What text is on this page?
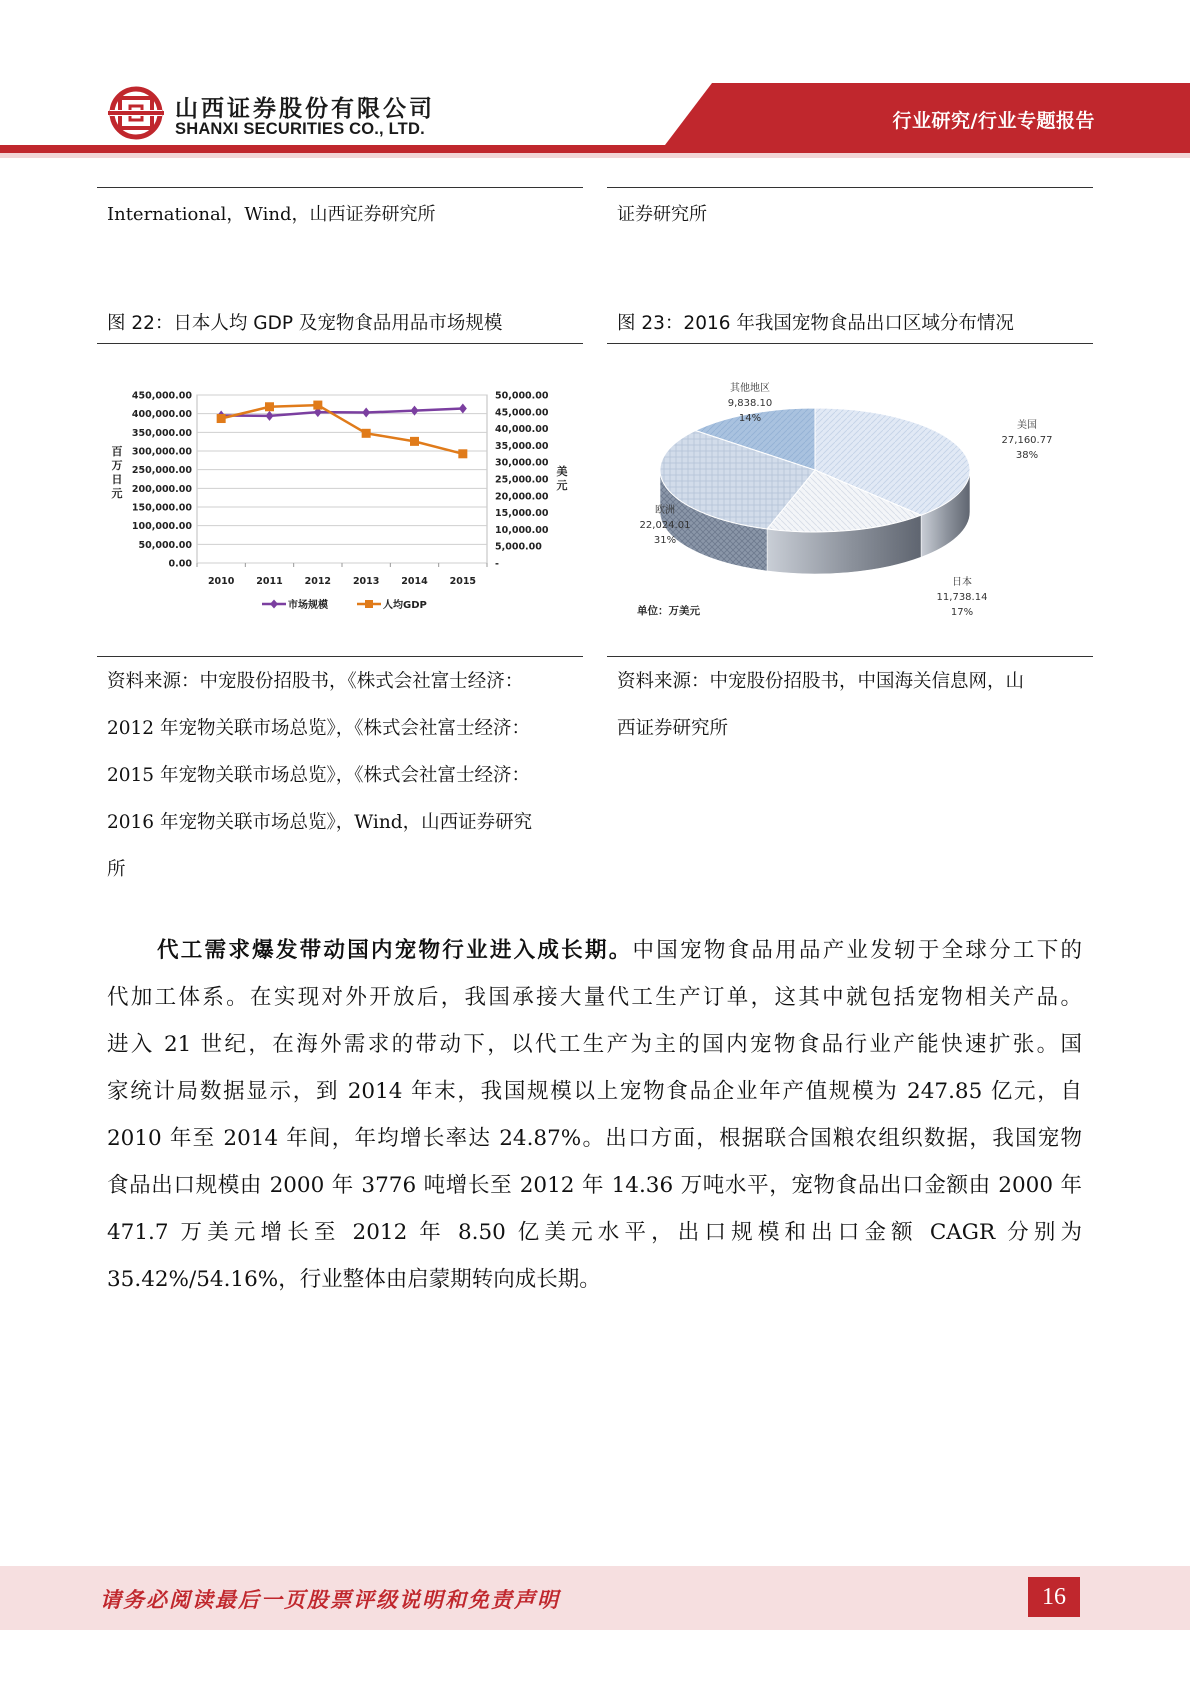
山西证券股份有限公司
SHANXI SECURITIES CO., LTD.	行业研究/行业专题报告
International，Wind，山西证券研究所
图 22：日本人均 GDP 及宠物食品用品市场规模
450,000.00
400,000.00
350,000.00
300,000.00
250,000.00
200,000.00
150,000.00
100,000.00
50,000.00
0.00
50,000.00
45,000.00
40,000.00
35,000.00
30,000.00
25,000.00
20,000.00
15,000.00
10,000.00
5,000.00
-
2010 2011 2012 2013 2014 2015
百
万
日
元
美
元
市场规模	人均GDP
资料来源：中宠股份招股书，《株式会社富士经济：
2012 年宠物关联市场总览》，《株式会社富士经济：
2015 年宠物关联市场总览》，《株式会社富士经济：
2016 年宠物关联市场总览》，Wind，山西证券研究
所
证券研究所
图 23：2016 年我国宠物食品出口区域分布情况
美国
27,160.77
38%
日本
11,738.14
17%
欧洲
22,024.01
31%
其他地区
9,838.10
14%
单位：万美元
资料来源：中宠股份招股书，中国海关信息网，山
西证券研究所
代工需求爆发带动国内宠物行业进入成长期。中国宠物食品用品产业发轫于全球分工下的
代加工体系。在实现对外开放后，我国承接大量代工生产订单，这其中就包括宠物相关产品。
进入 21 世纪，在海外需求的带动下，以代工生产为主的国内宠物食品行业产能快速扩张。国
家统计局数据显示，到 2014 年末，我国规模以上宠物食品企业年产值规模为 247.85 亿元，自
2010 年至 2014 年间，年均增长率达 24.87%。出口方面，根据联合国粮农组织数据，我国宠物
食品出口规模由 2000 年 3776 吨增长至 2012 年 14.36 万吨水平，宠物食品出口金额由 2000 年
471.7 万美元增长至 2012 年 8.50 亿美元水平，出口规模和出口金额 CAGR 分别为
35.42%/54.16%，行业整体由启蒙期转向成长期。
请务必阅读最后一页股票评级说明和免责声明	16
